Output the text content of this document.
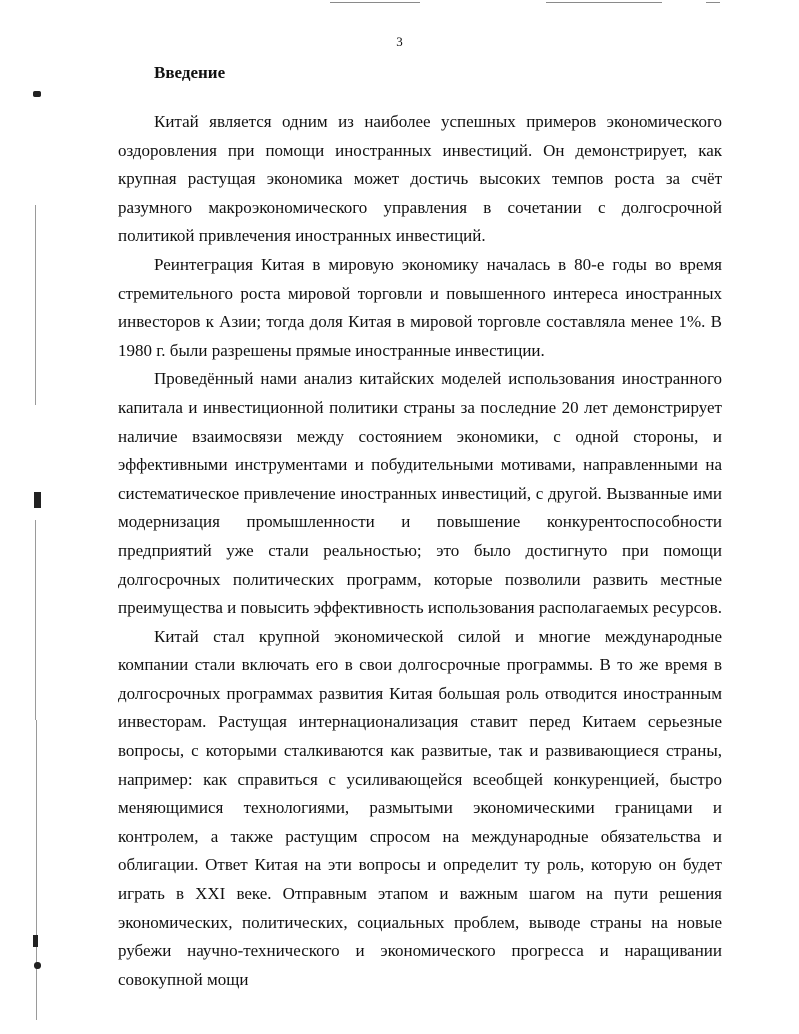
3
Введение

Китай является одним из наиболее успешных примеров экономического оздоровления при помощи иностранных инвестиций. Он демонстрирует, как крупная растущая экономика может достичь высоких темпов роста за счёт разумного макроэкономического управления в сочетании с долгосрочной политикой привлечения иностранных инвестиций.

Реинтеграция Китая в мировую экономику началась в 80-е годы во время стремительного роста мировой торговли и повышенного интереса иностранных инвесторов к Азии; тогда доля Китая в мировой торговле составляла менее 1%. В 1980 г. были разрешены прямые иностранные инвестиции.

Проведённый нами анализ китайских моделей использования иностранного капитала и инвестиционной политики страны за последние 20 лет демонстрирует наличие взаимосвязи между состоянием экономики, с одной стороны, и эффективными инструментами и побудительными мотивами, направленными на систематическое привлечение иностранных инвестиций, с другой. Вызванные ими модернизация промышленности и повышение конкурентоспособности предприятий уже стали реальностью; это было достигнуто при помощи долгосрочных политических программ, которые позволили развить местные преимущества и повысить эффективность использования располагаемых ресурсов.

Китай стал крупной экономической силой и многие международные компании стали включать его в свои долгосрочные программы. В то же время в долгосрочных программах развития Китая большая роль отводится иностранным инвесторам. Растущая интернационализация ставит перед Китаем серьезные вопросы, с которыми сталкиваются как развитые, так и развивающиеся страны, например: как справиться с усиливающейся всеобщей конкуренцией, быстро меняющимися технологиями, размытыми экономическими границами и контролем, а также растущим спросом на международные обязательства и облигации. Ответ Китая на эти вопросы и определит ту роль, которую он будет играть в XXI веке. Отправным этапом и важным шагом на пути решения экономических, политических, социальных проблем, выводе страны на новые рубежи научно-технического и экономического прогресса и наращивании совокупной мощи
